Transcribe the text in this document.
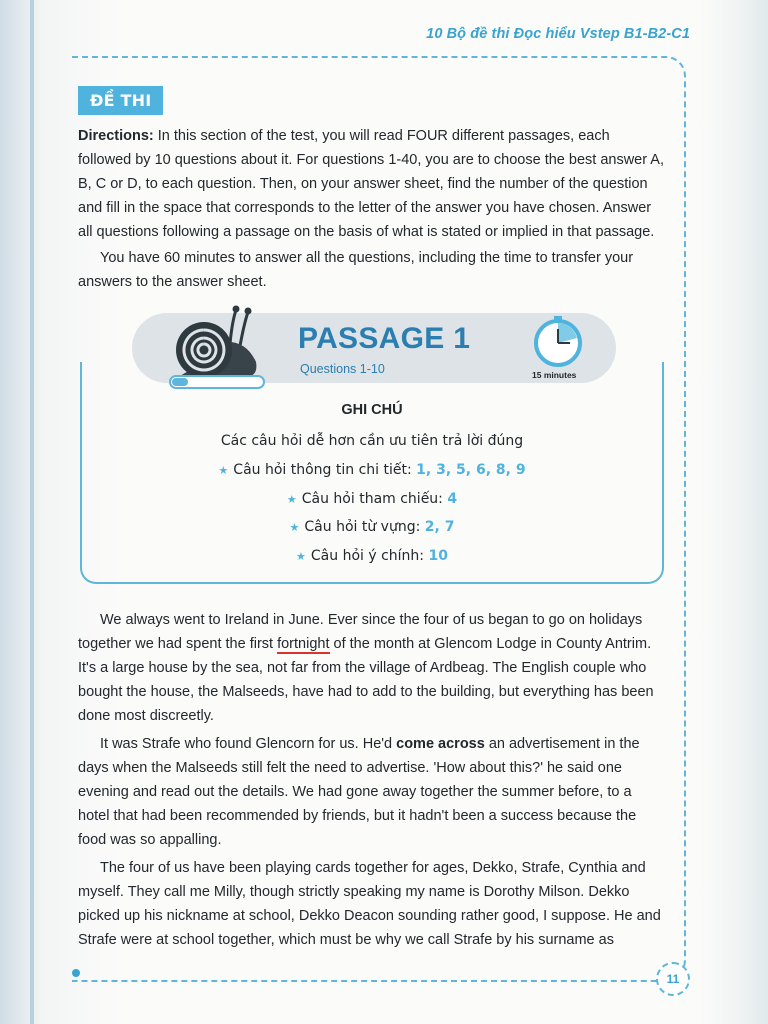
10 Bộ đề thi Đọc hiểu Vstep B1-B2-C1
11
ĐỀ THI

Directions: In this section of the test, you will read FOUR different passages, each followed by 10 questions about it. For questions 1-40, you are to choose the best answer A, B, C or D, to each question. Then, on your answer sheet, find the number of the question and fill in the space that corresponds to the letter of the answer you have chosen. Answer all questions following a passage on the basis of what is stated or implied in that passage.

You have 60 minutes to answer all the questions, including the time to transfer your answers to the answer sheet.

PASSAGE 1
Questions 1-10	15 minutes
GHI CHÚ
Các câu hỏi dễ hơn cần ưu tiên trả lời đúng
★ Câu hỏi thông tin chi tiết: 1, 3, 5, 6, 8, 9
★ Câu hỏi tham chiếu: 4
★ Câu hỏi từ vựng: 2, 7
★ Câu hỏi ý chính: 10

We always went to Ireland in June. Ever since the four of us began to go on holidays together we had spent the first fortnight of the month at Glencom Lodge in County Antrim. It's a large house by the sea, not far from the village of Ardbeag. The English couple who bought the house, the Malseeds, have had to add to the building, but everything has been done most discreetly.

It was Strafe who found Glencorn for us. He'd come across an advertisement in the days when the Malseeds still felt the need to advertise. 'How about this?' he said one evening and read out the details. We had gone away together the summer before, to a hotel that had been recommended by friends, but it hadn't been a success because the food was so appalling.

The four of us have been playing cards together for ages, Dekko, Strafe, Cynthia and myself. They call me Milly, though strictly speaking my name is Dorothy Milson. Dekko picked up his nickname at school, Dekko Deacon sounding rather good, I suppose. He and Strafe were at school together, which must be why we call Strafe by his surname as
